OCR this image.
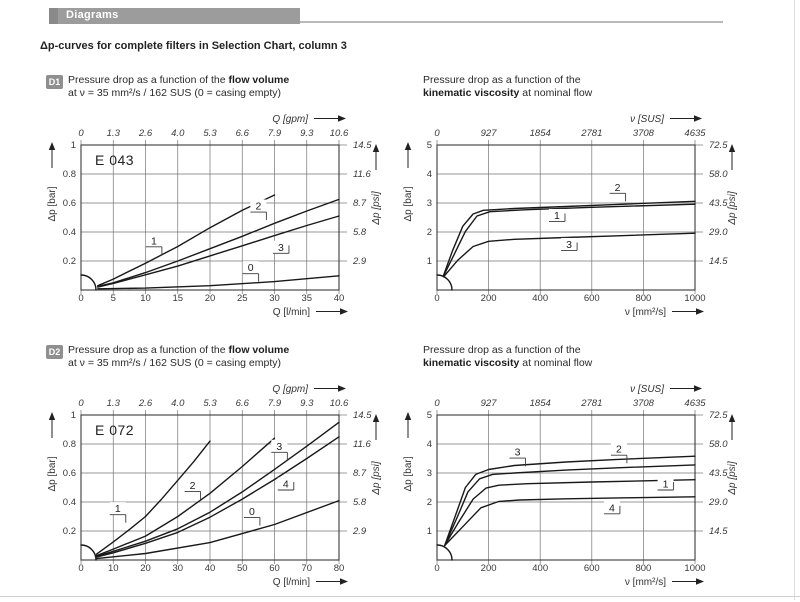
Diagrams
Δp-curves for complete filters in Selection Chart, column 3
D1 Pressure drop as a function of the flow volume
at ν = 35 mm²/s / 162 SUS (0 = casing empty)
Pressure drop as a function of the
kinematic viscosity at nominal flow
D2 Pressure drop as a function of the flow volume
at ν = 35 mm²/s / 162 SUS (0 = casing empty)
Pressure drop as a function of the
kinematic viscosity at nominal flow
0
0
5
1.3
10
2.6
15
4.0
20
5.3
25
6.6
30
7.9
35
9.3
40
10.6
0.2	2.9
0.4	5.8
0.6	8.7
0.8	11.6
1	14.5
1
2
3
0
Q [gpm]
Q [l/min]
Δp [bar]	Δp [psi]
E 043
0
0
200
927
400
1854
600
2781
800
3708
1000
4635
1	14.5
2	29.0
3	43.5
4	58.0
5	72.5
2
1
3
ν [SUS]
ν [mm²/s]
Δp [bar]	Δp [psi]
0
0
10
1.3
20
2.6
30
4.0
40
5.3
50
6.6
60
7.9
70
9.3
80
10.6
0.2	2.9
0.4	5.8
0.6	8.7
0.8	11.6
1	14.5
1
2
3
4
0
Q [gpm]
Q [l/min]
Δp [bar]	Δp [psi]
E 072
0
0
200
927
400
1854
600
2781
800
3708
1000
4635
1	14.5
2	29.0
3	43.5
4	58.0
5	72.5
3	2
1
4
ν [SUS]
ν [mm²/s]
Δp [bar]	Δp [psi]
